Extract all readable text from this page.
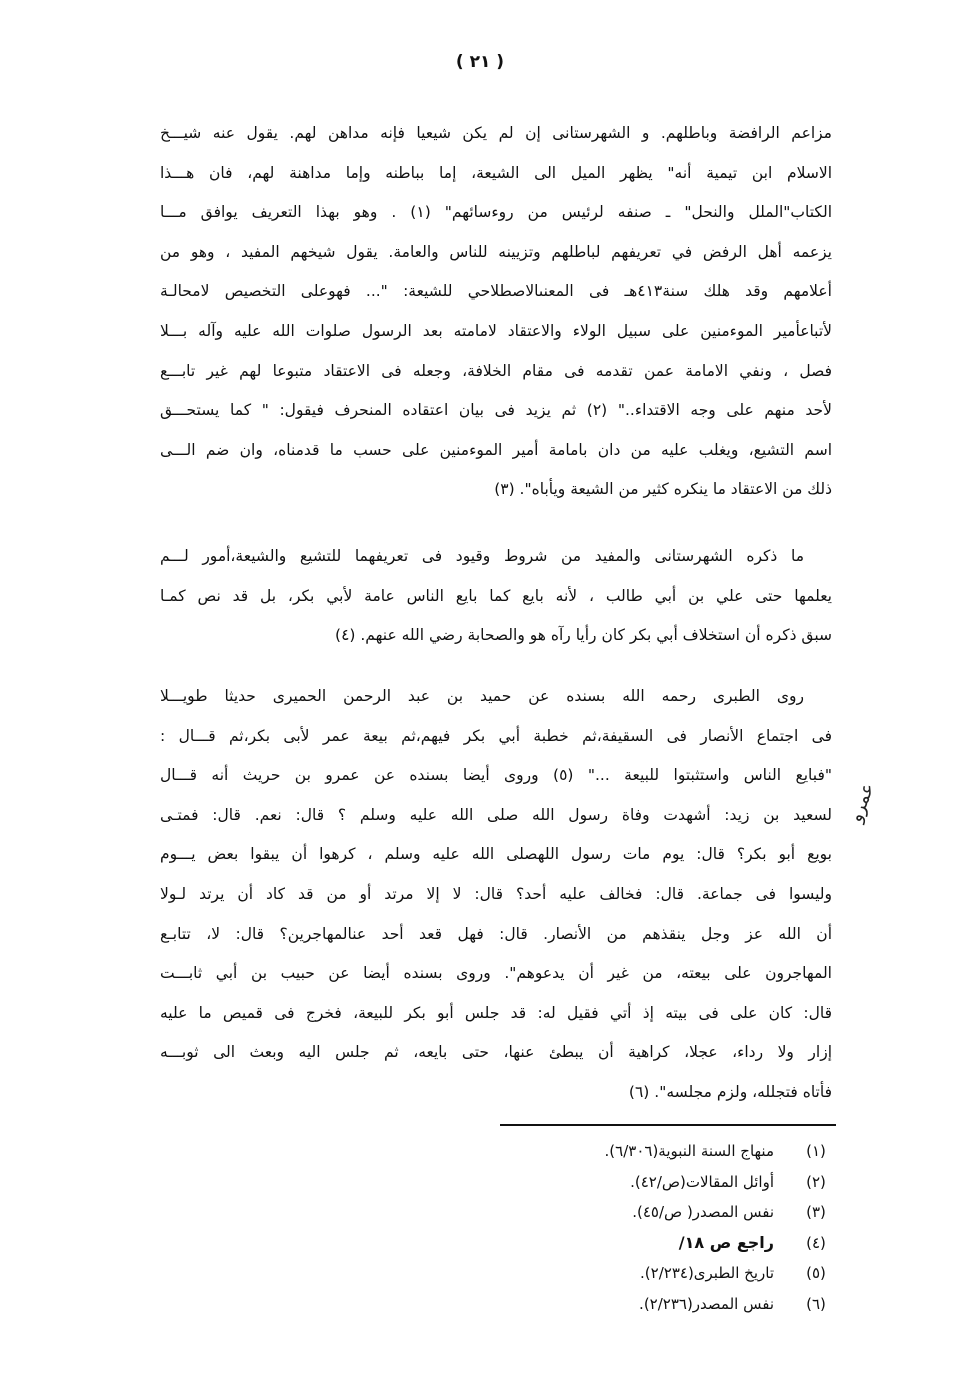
( ٢١ )
مزاعم الرافضة وباطلهم. و الشهرستانى إن لم يكن شيعيا فإنه مداهن لهم. يقول عنه شيـــخ
الاسلام ابن تيمية أنه" يظهر الميل الى الشيعة، إما بباطنه وإما مداهنة لهم، فان هـــذا
الكتاب"الملل والنحل" ـ صنفه لرئيس من روءسائهم" (١) . وهو بهذا التعريف يوافق مـــا
يزعمه أهل الرفض في تعريفهم لباطلهم وتزيينه للناس والعامة. يقول شيخهم المفيد ، وهو من
أعلامهم وقد هلك سنة٤١٣هـ فى المعنىالاصطلاحي للشيعة: "... فهوعلى التخصيص لامحالـة
لأتباعأمير الموءمنين على سبيل الولاء والاعتقاد لامامته بعد الرسول صلوات الله عليه وآله بـــلا
فصل ، ونفي الامامة عمن تقدمه فى مقام الخلافة، وجعله فى الاعتقاد متبوعا لهم غير تابـــع
لأحد منهم على وجه الاقتداء.." (٢) ثم يزيد فى بيان اعتقاده المنحرف فيقول: " كما يستحـــق
اسم التشيع، ويغلب عليه من دان بامامة أمير الموءمنين على حسب ما قدمناه، وان ضم الـــى
ذلك من الاعتقاد ما ينكره كثير من الشيعة ويأباه". (٣)
ما ذكره الشهرستانى والمفيد من شروط وقيود فى تعريفهما للتشيع والشيعة،أمور لـــم
يعلمها حتى علي بن أبي طالب ، لأنه بايع كما بايع الناس عامة لأبي بكر، بل قد نص كمـا
سبق ذكره أن استخلاف أبي بكر كان رأيا رآه هو والصحابة رضي الله عنهم. (٤)
روى الطبرى رحمه الله بسنده عن حميد بن عبد الرحمن الحميرى حديثا طويـــلا
فى اجتماع الأنصار فى السقيفة،ثم خطبة أبي بكر فيهم،ثم بيعة عمر لأبى بكر،ثم قـــال :
"فبايع الناس واستثبتوا للبيعة ..." (٥) وروى أيضا بسنده عن عمرو بن حريث أنه قـــال
لسعيد بن زيد: أشهدت وفاة رسول الله صلى الله عليه وسلم ؟ قال: نعم. قال: فمتـى
بويع أبو بكر؟ قال: يوم مات رسول اللهصلى الله عليه وسلم ، كرهوا أن يبقوا بعض يـــوم
وليسوا فى جماعة. قال: فخالف عليه أحد؟ قال: لا إلا مرتد أو من قد كاد أن يرتد لـولا
أن الله عز وجل ينقذهم من الأنصار. قال: فهل قعد أحد عنالمهاجرين؟ قال: لا، تتابـع
المهاجرون على بيعته، من غير أن يدعوهم". وروى بسنده أيضا عن حبيب بن أبي ثابـــت
قال: كان على فى بيته إذ أتي فقيل له: قد جلس أبو بكر للبيعة، فخرج فى قميص ما عليه
إزار ولا رداء، عجلا، كراهية أن يبطئ عنها، حتى بايعه، ثم جلس اليه وبعث الى ثوبـــه
فأتاه فتجلله، ولزم مجلسه". (٦)
عمرو
(١)منهاج السنة النبوية(٦/٣٠٦).
(٢)أوائل المقالات(ص/٤٢).
(٣)نفس المصدر( ص/٤٥).
(٤)راجع ص ١٨/
(٥)تاريخ الطبرى(٢/٢٣٤).
(٦)نفس المصدر(٢/٢٣٦).
